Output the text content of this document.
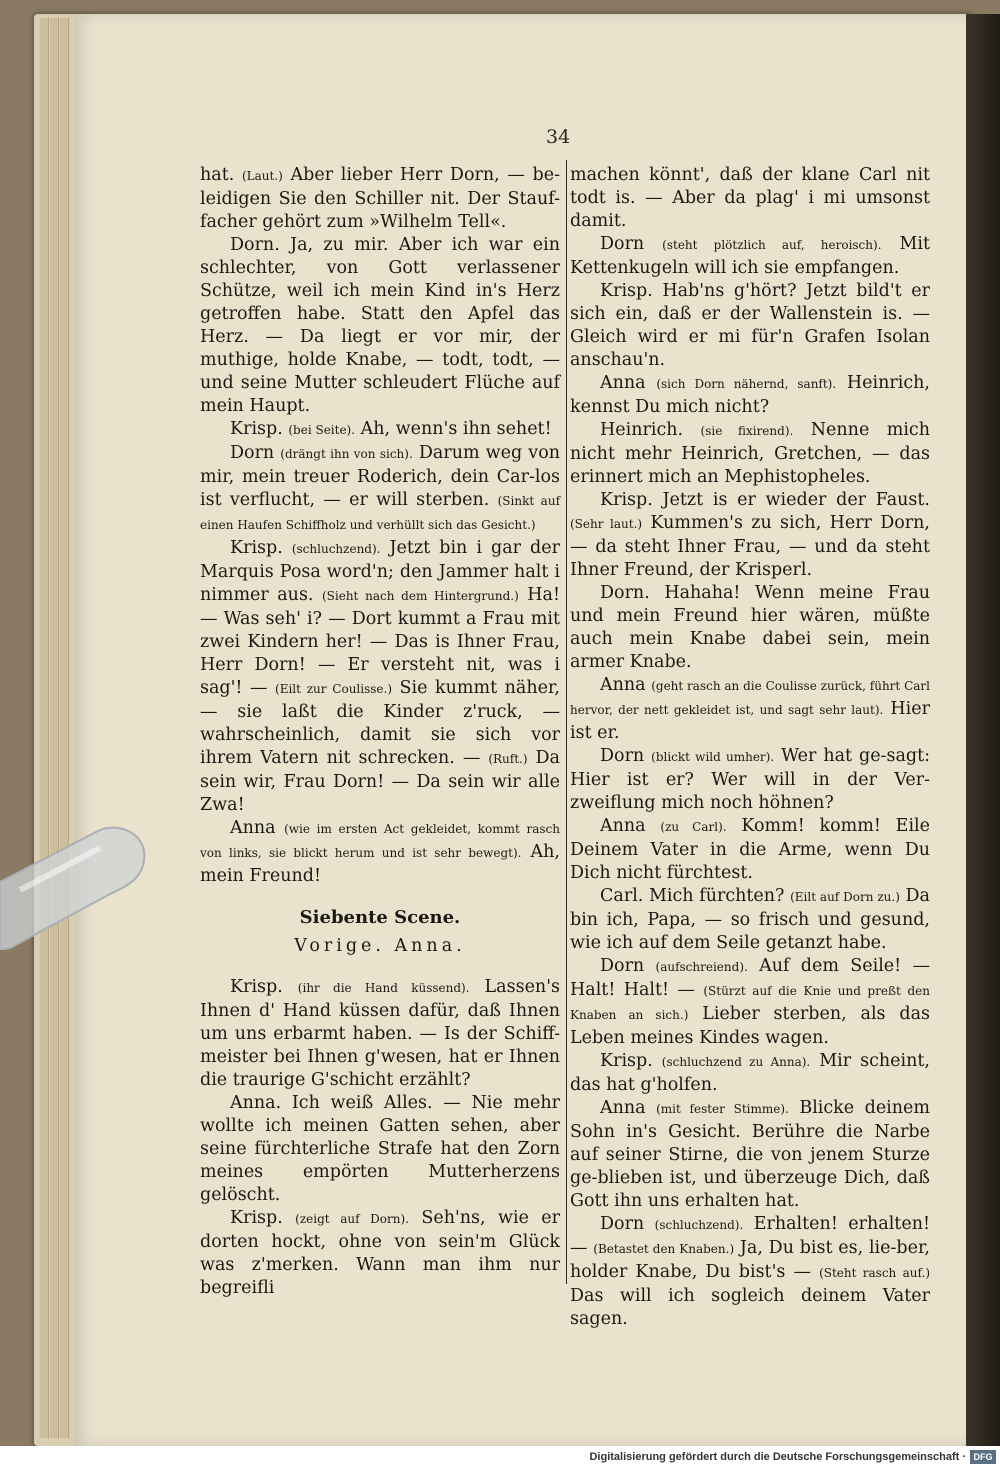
34

hat. (Laut.) Aber lieber Herr Dorn, — be-leidigen Sie den Schiller nit. Der Stauf-facher gehört zum »Wilhelm Tell«.

Dorn. Ja, zu mir. Aber ich war ein schlechter, von Gott verlassener Schütze, weil ich mein Kind in's Herz getroffen habe. Statt den Apfel das Herz. — Da liegt er vor mir, der muthige, holde Knabe, — todt, todt, — und seine Mutter schleudert Flüche auf mein Haupt.

Krisp. (bei Seite). Ah, wenn's ihn sehet!

Dorn (drängt ihn von sich). Darum weg von mir, mein treuer Roderich, dein Car-los ist verflucht, — er will sterben. (Sinkt auf einen Haufen Schiffholz und verhüllt sich das Gesicht.)

Krisp. (schluchzend). Jetzt bin i gar der Marquis Posa word'n; den Jammer halt i nimmer aus. (Sieht nach dem Hintergrund.) Ha! — Was seh' i? — Dort kummt a Frau mit zwei Kindern her! — Das is Ihner Frau, Herr Dorn! — Er versteht nit, was i sag'! — (Eilt zur Coulisse.) Sie kummt näher, — sie laßt die Kinder z'ruck, — wahrscheinlich, damit sie sich vor ihrem Vatern nit schrecken. — (Ruft.) Da sein wir, Frau Dorn! — Da sein wir alle Zwa!

Anna (wie im ersten Act gekleidet, kommt rasch von links, sie blickt herum und ist sehr bewegt). Ah, mein Freund!

Siebente Scene.

Vorige. Anna.

Krisp. (ihr die Hand küssend). Lassen's Ihnen d' Hand küssen dafür, daß Ihnen um uns erbarmt haben. — Is der Schiff-meister bei Ihnen g'wesen, hat er Ihnen die traurige G'schicht erzählt?

Anna. Ich weiß Alles. — Nie mehr wollte ich meinen Gatten sehen, aber seine fürchterliche Strafe hat den Zorn meines empörten Mutterherzens gelöscht.

Krisp. (zeigt auf Dorn). Seh'ns, wie er dorten hockt, ohne von sein'm Glück was z'merken. Wann man ihm nur begreifli

machen könnt', daß der klane Carl nit todt is. — Aber da plag' i mi umsonst damit.

Dorn (steht plötzlich auf, heroisch). Mit Kettenkugeln will ich sie empfangen.

Krisp. Hab'ns g'hört? Jetzt bild't er sich ein, daß er der Wallenstein is. — Gleich wird er mi für'n Grafen Isolan anschau'n.

Anna (sich Dorn nähernd, sanft). Heinrich, kennst Du mich nicht?

Heinrich. (sie fixirend). Nenne mich nicht mehr Heinrich, Gretchen, — das erinnert mich an Mephistopheles.

Krisp. Jetzt is er wieder der Faust. (Sehr laut.) Kummen's zu sich, Herr Dorn, — da steht Ihner Frau, — und da steht Ihner Freund, der Krisperl.

Dorn. Hahaha! Wenn meine Frau und mein Freund hier wären, müßte auch mein Knabe dabei sein, mein armer Knabe.

Anna (geht rasch an die Coulisse zurück, führt Carl hervor, der nett gekleidet ist, und sagt sehr laut). Hier ist er.

Dorn (blickt wild umher). Wer hat ge-sagt: Hier ist er? Wer will in der Ver-zweiflung mich noch höhnen?

Anna (zu Carl). Komm! komm! Eile Deinem Vater in die Arme, wenn Du Dich nicht fürchtest.

Carl. Mich fürchten? (Eilt auf Dorn zu.) Da bin ich, Papa, — so frisch und gesund, wie ich auf dem Seile getanzt habe.

Dorn (aufschreiend). Auf dem Seile! — Halt! Halt! — (Stürzt auf die Knie und preßt den Knaben an sich.) Lieber sterben, als das Leben meines Kindes wagen.

Krisp. (schluchzend zu Anna). Mir scheint, das hat g'holfen.

Anna (mit fester Stimme). Blicke deinem Sohn in's Gesicht. Berühre die Narbe auf seiner Stirne, die von jenem Sturze ge-blieben ist, und überzeuge Dich, daß Gott ihn uns erhalten hat.

Dorn (schluchzend). Erhalten! erhalten! — (Betastet den Knaben.) Ja, Du bist es, lie-ber, holder Knabe, Du bist's — (Steht rasch auf.) Das will ich sogleich deinem Vater sagen.

Digitalisierung gefördert durch die Deutsche Forschungsgemeinschaft · DFG
